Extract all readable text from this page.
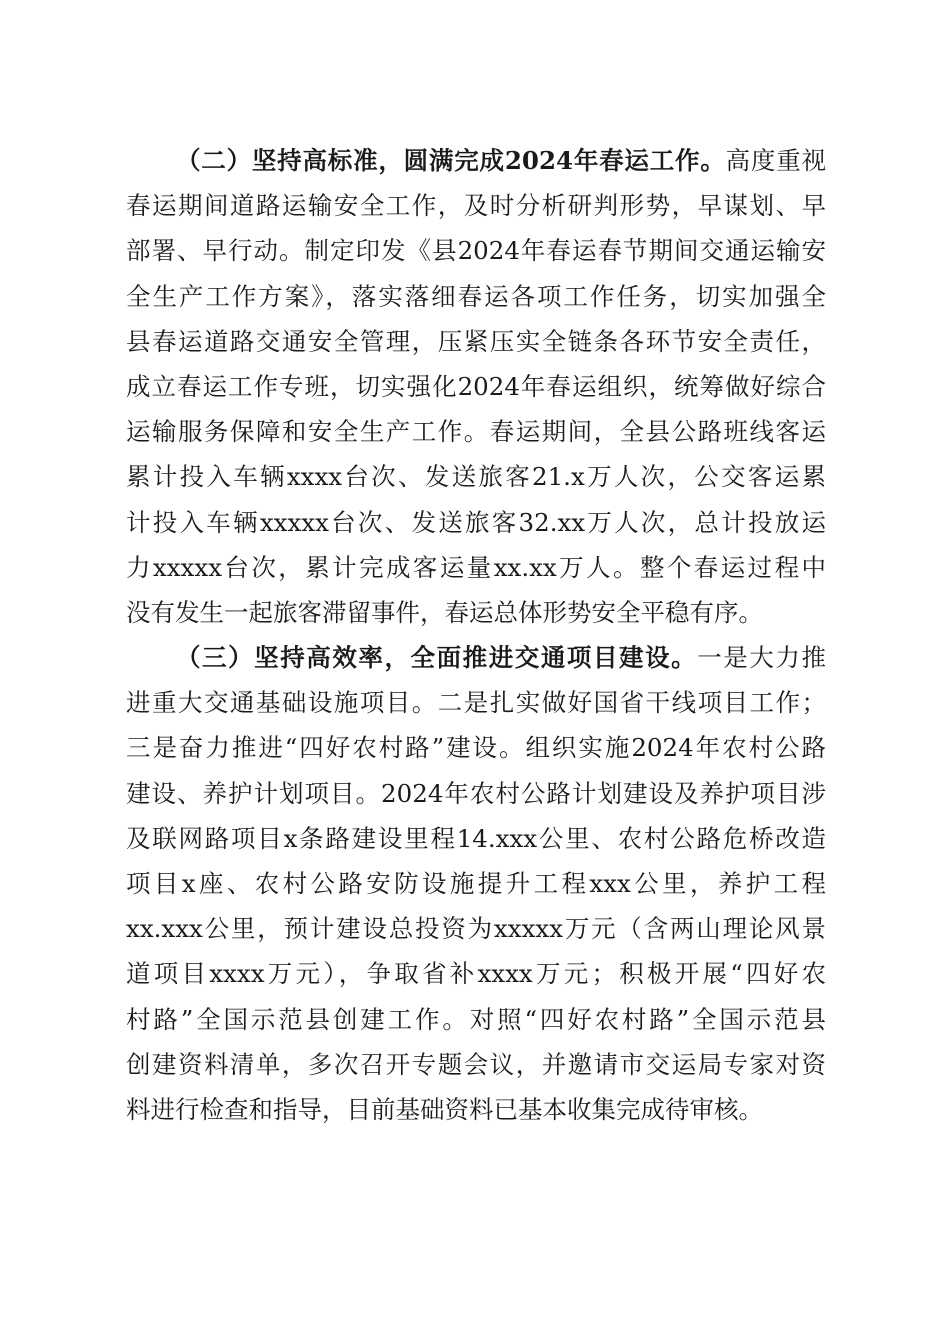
（二）坚持高标准，圆满完成2024年春运工作。高度重视
春运期间道路运输安全工作，及时分析研判形势，早谋划、早
部署、早行动。制定印发《县2024年春运春节期间交通运输安
全生产工作方案》，落实落细春运各项工作任务，切实加强全
县春运道路交通安全管理，压紧压实全链条各环节安全责任，
成立春运工作专班，切实强化2024年春运组织，统筹做好综合
运输服务保障和安全生产工作。春运期间，全县公路班线客运
累计投入车辆xxxx台次、发送旅客21.x万人次，公交客运累
计投入车辆xxxxx台次、发送旅客32.xx万人次，总计投放运
力xxxxx台次，累计完成客运量xx.xx万人。整个春运过程中
没有发生一起旅客滞留事件，春运总体形势安全平稳有序。
（三）坚持高效率，全面推进交通项目建设。一是大力推
进重大交通基础设施项目。二是扎实做好国省干线项目工作；
三是奋力推进“四好农村路”建设。组织实施2024年农村公路
建设、养护计划项目。2024年农村公路计划建设及养护项目涉
及联网路项目x条路建设里程14.xxx公里、农村公路危桥改造
项目x座、农村公路安防设施提升工程xxx公里，养护工程
xx.xxx公里，预计建设总投资为xxxxx万元（含两山理论风景
道项目xxxx万元），争取省补xxxx万元；积极开展“四好农
村路”全国示范县创建工作。对照“四好农村路”全国示范县
创建资料清单，多次召开专题会议，并邀请市交运局专家对资
料进行检查和指导，目前基础资料已基本收集完成待审核。
